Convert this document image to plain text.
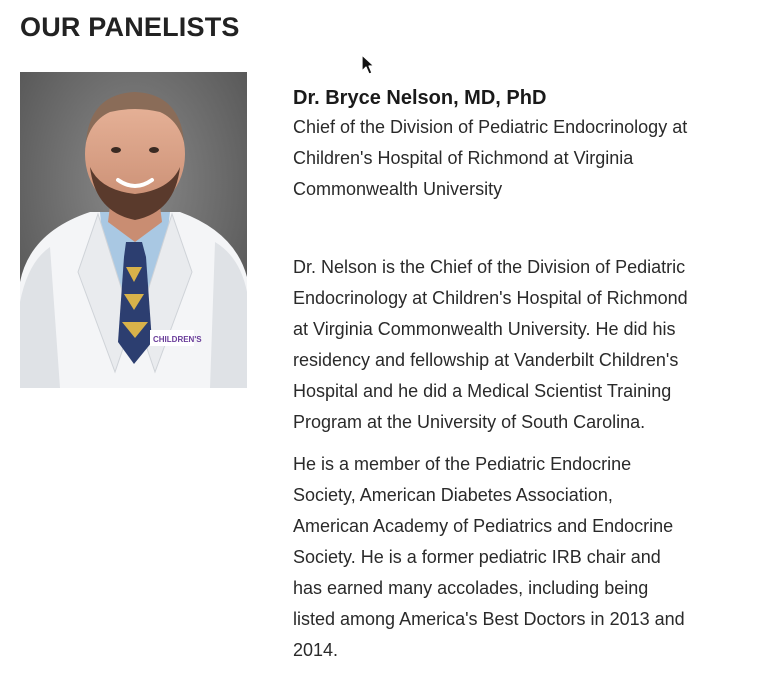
OUR PANELISTS
CHILDREN'S

Dr. Bryce Nelson, MD, PhD

Chief of the Division of Pediatric Endocrinology at
Children's Hospital of Richmond at Virginia
Commonwealth University

Dr. Nelson is the Chief of the Division of Pediatric
Endocrinology at Children's Hospital of Richmond
at Virginia Commonwealth University. He did his
residency and fellowship at Vanderbilt Children's
Hospital and he did a Medical Scientist Training
Program at the University of South Carolina.

He is a member of the Pediatric Endocrine
Society, American Diabetes Association,
American Academy of Pediatrics and Endocrine
Society. He is a former pediatric IRB chair and
has earned many accolades, including being
listed among America's Best Doctors in 2013 and
2014.
